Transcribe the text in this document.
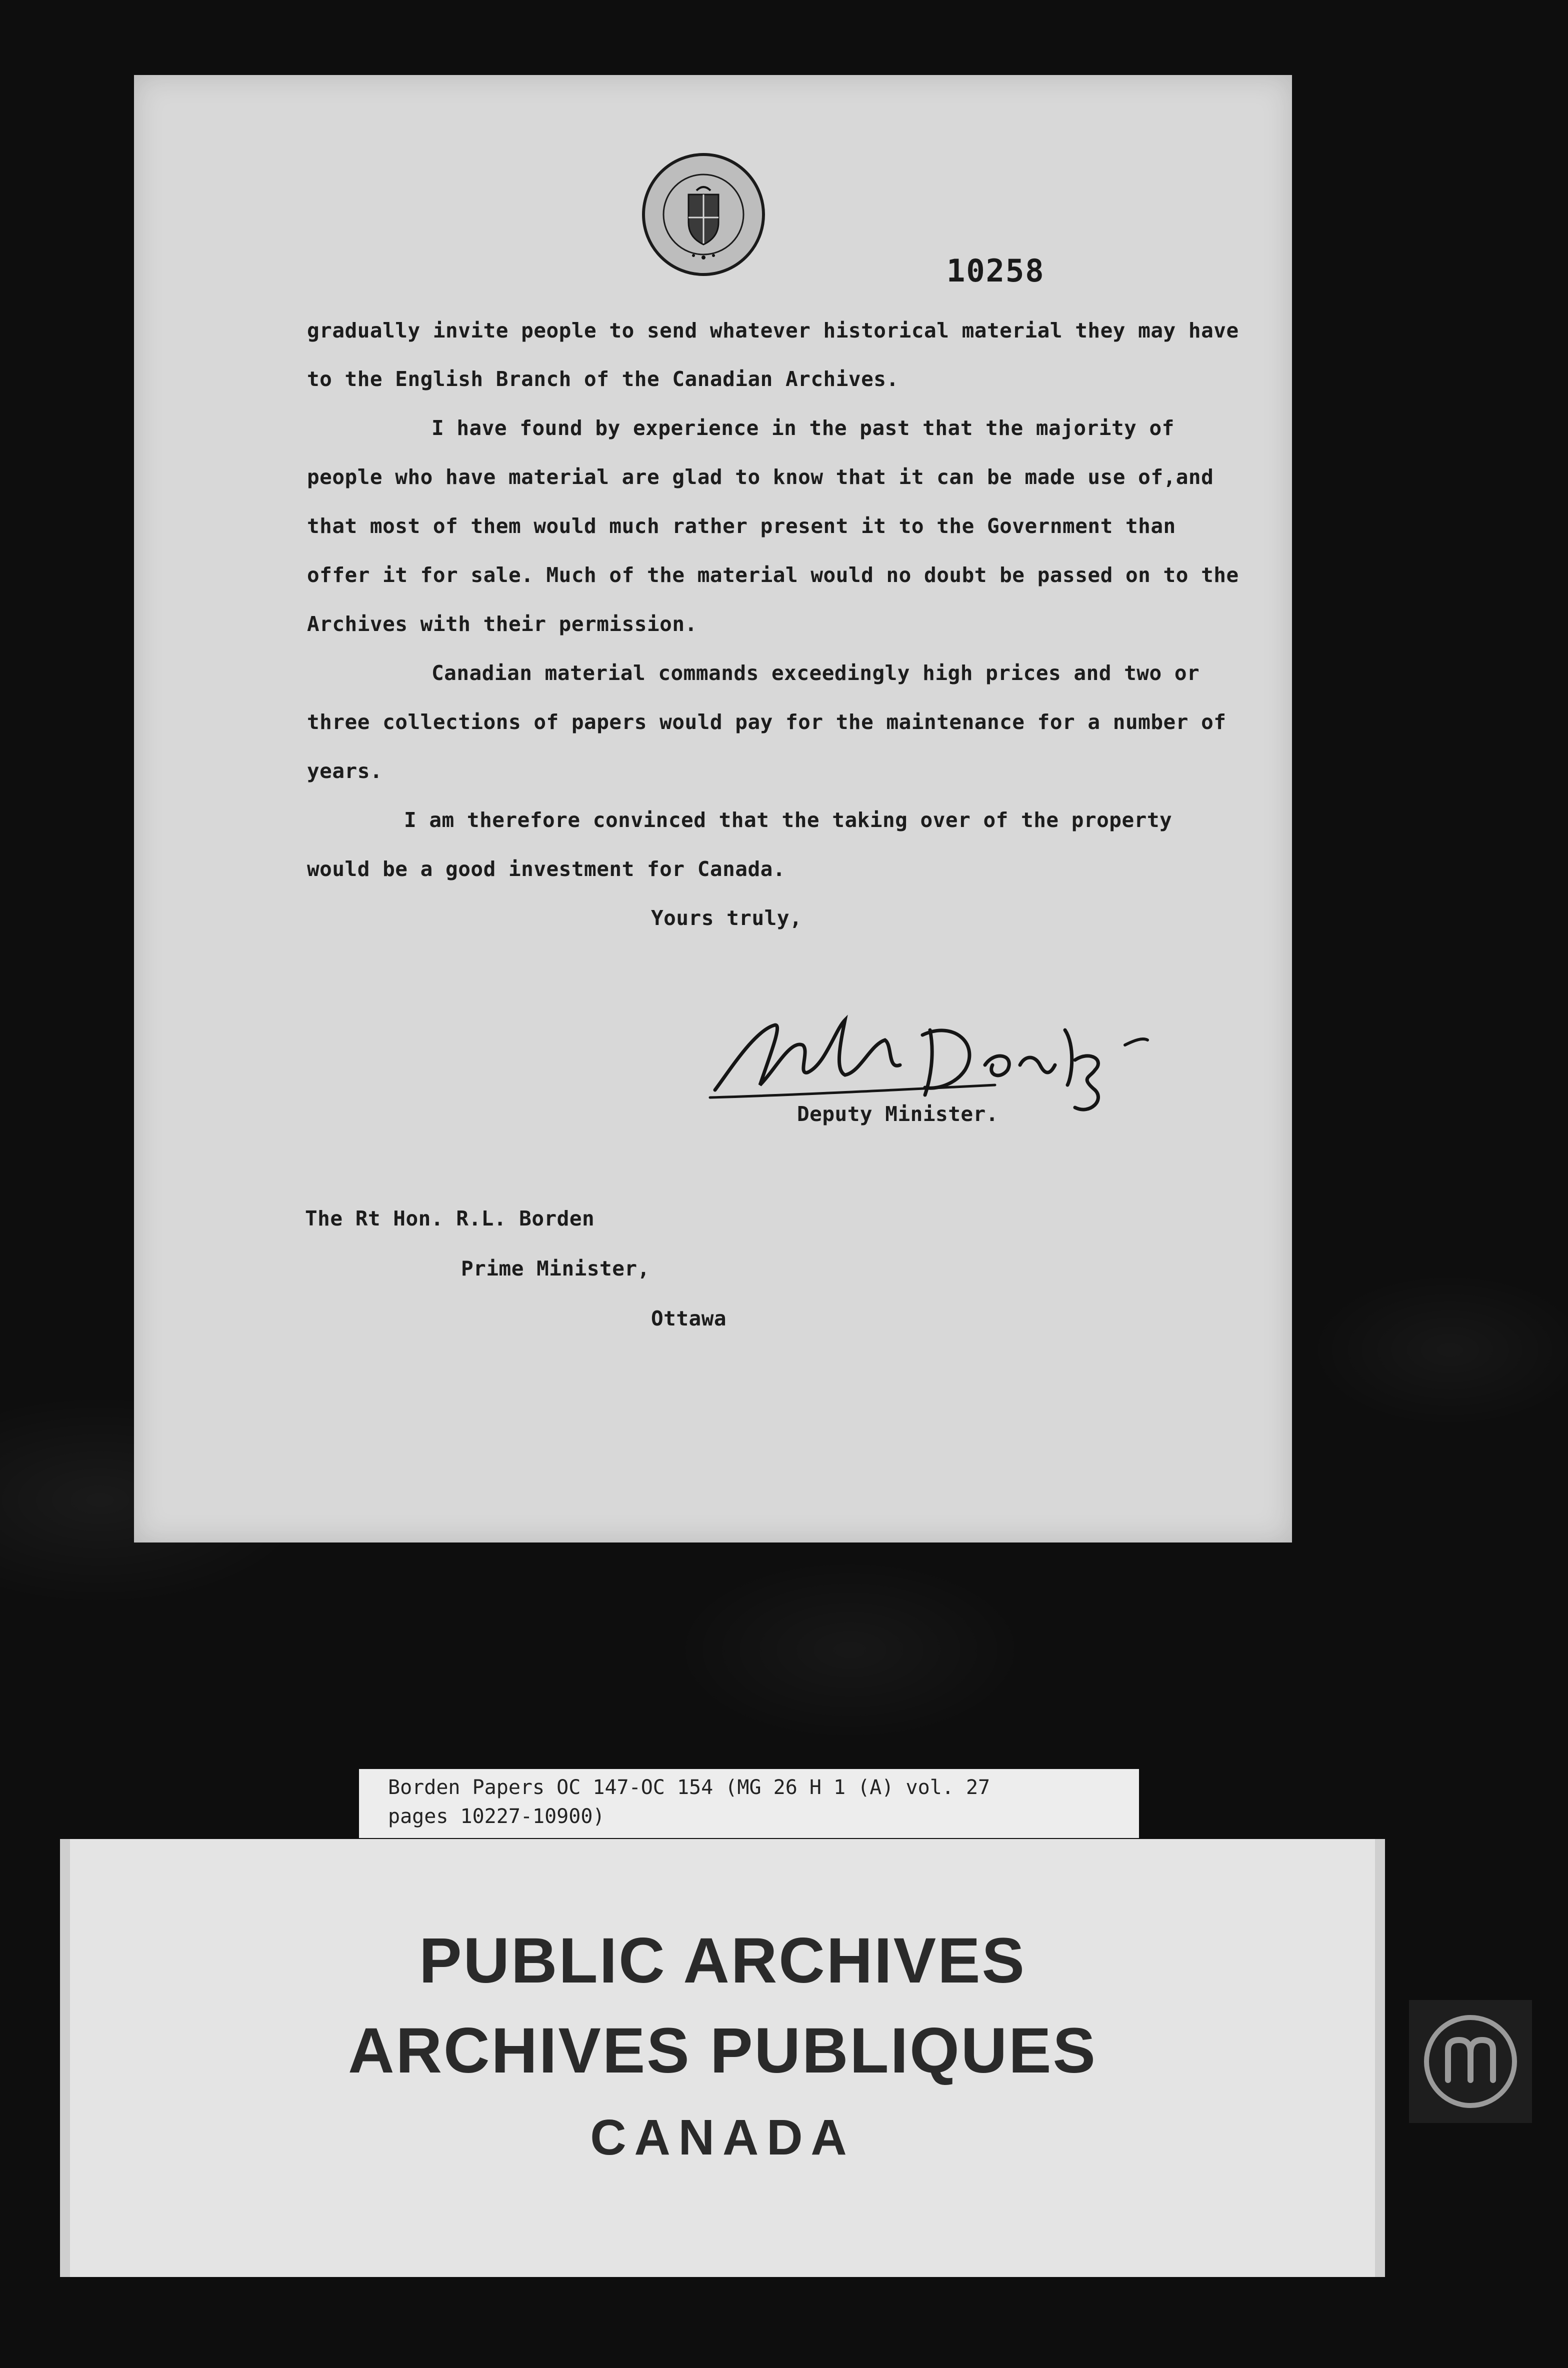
10258
gradually invite people to send whatever historical material they may have
to the English Branch of the Canadian Archives.
I have found by experience in the past that the majority of
people who have material are glad to know that it can be made use of,and
that most of them would much rather present it to the Government than
offer it for sale. Much of the material would no doubt be passed on to the
Archives with their permission.
Canadian material commands exceedingly high prices and two or
three collections of papers would pay for the maintenance for a number of
years.
I am therefore convinced that the taking over of the property
would be a good investment for Canada.
Yours truly,
Deputy Minister.
The Rt Hon. R.L. Borden
Prime Minister,
Ottawa
Borden Papers OC 147-OC 154 (MG 26 H 1 (A) vol. 27
pages 10227-10900)
PUBLIC ARCHIVES
ARCHIVES PUBLIQUES
CANADA
